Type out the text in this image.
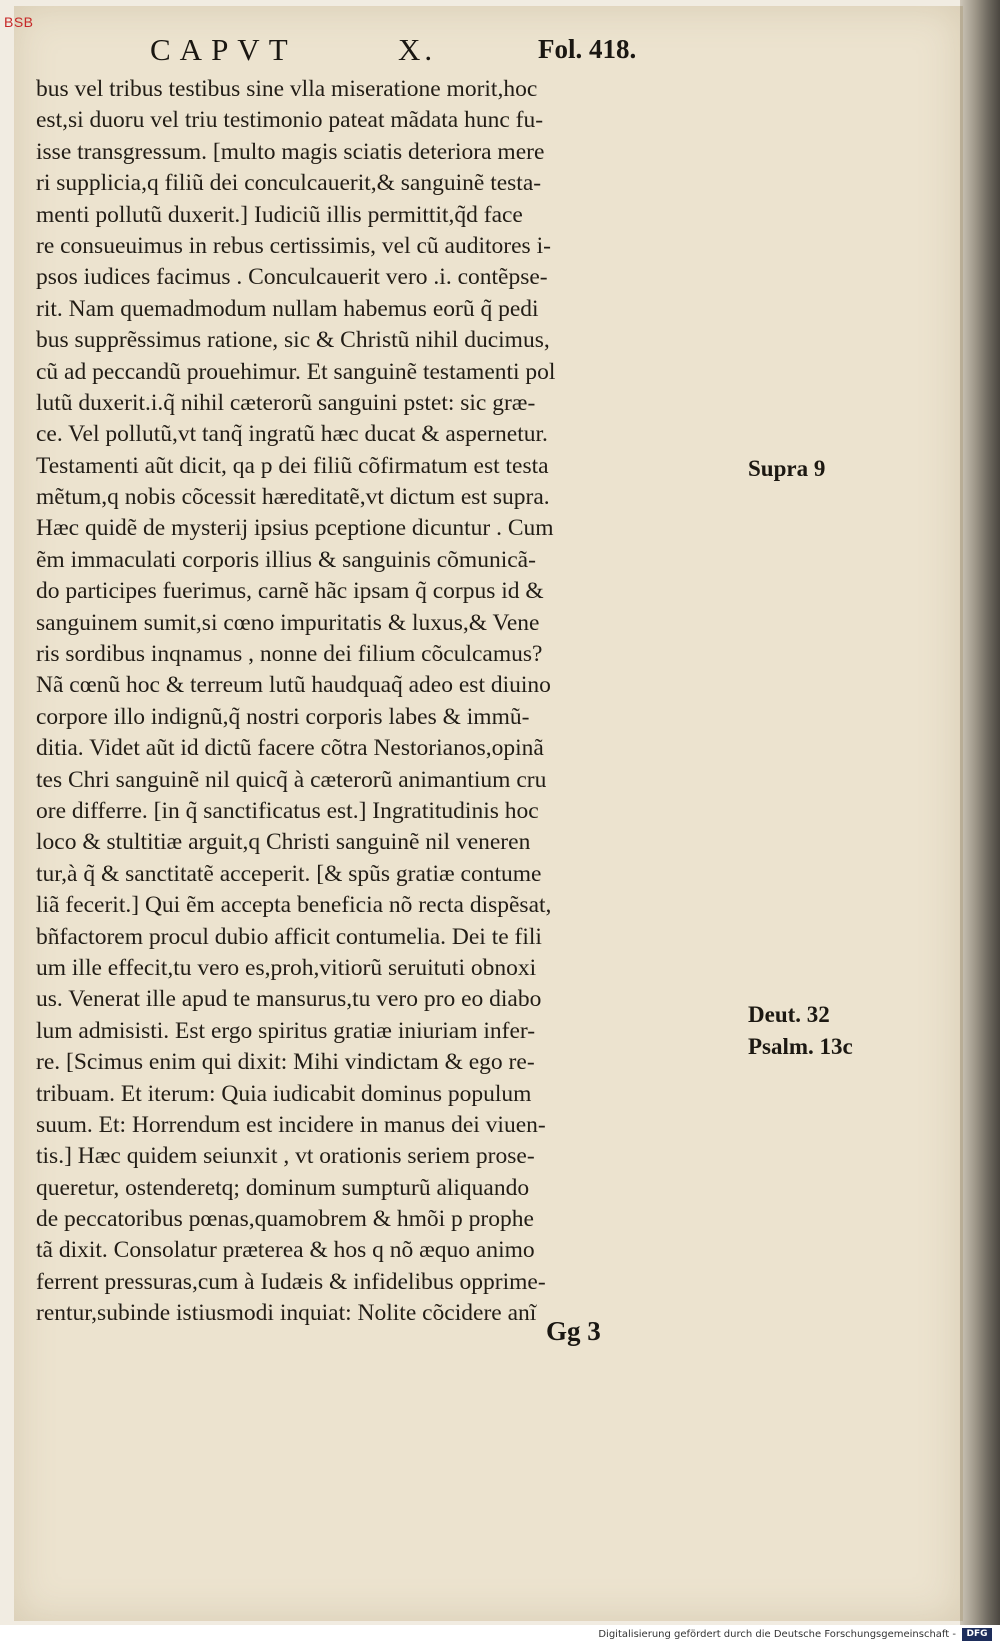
BSB
CAPVT	X.	Fol. 418.
bus vel tribus testibus sine vlla miseratione morit,hoc
est,si duoru vel triu testimonio pateat mãdata hunc fu-
isse transgressum. [multo magis sciatis deteriora mere
ri supplicia,q filiũ dei conculcauerit,& sanguinẽ testa-
menti pollutũ duxerit.] Iudiciũ illis permittit,q̃d face
re consueuimus in rebus certissimis, vel cũ auditores i-
psos iudices facimus . Conculcauerit vero .i. contẽpse-
rit. Nam quemadmodum nullam habemus eorũ q̃ pedi
bus supprẽssimus ratione, sic & Christũ nihil ducimus,
cũ ad peccandũ prouehimur. Et sanguinẽ testamenti pol
lutũ duxerit.i.q̃ nihil cæterorũ sanguini pstet: sic græ-
ce. Vel pollutũ,vt tanq̃ ingratũ hæc ducat & aspernetur.
Testamenti aũt dicit, qa p dei filiũ cõfirmatum est testa
mẽtum,q nobis cõcessit hæreditatẽ,vt dictum est supra.
Hæc quidẽ de mysterij ipsius pceptione dicuntur . Cum
ẽm immaculati corporis illius & sanguinis cõmunicã-
do participes fuerimus, carnẽ hãc ipsam q̃ corpus id &
sanguinem sumit,si cœno impuritatis & luxus,& Vene
ris sordibus inqnamus , nonne dei filium cõculcamus?
Nã cœnũ hoc & terreum lutũ haudquaq̃ adeo est diuino
corpore illo indignũ,q̃ nostri corporis labes & immũ-
ditia. Videt aũt id dictũ facere cõtra Nestorianos,opinã
tes Chri sanguinẽ nil quicq̃ à cæterorũ animantium cru
ore differre. [in q̃ sanctificatus est.] Ingratitudinis hoc
loco & stultitiæ arguit,q Christi sanguinẽ nil veneren
tur,à q̃ & sanctitatẽ acceperit. [& spũs gratiæ contume
liã fecerit.] Qui ẽm accepta beneficia nõ recta dispẽsat,
bñfactorem procul dubio afficit contumelia. Dei te fili
um ille effecit,tu vero es,proh,vitiorũ seruituti obnoxi
us. Venerat ille apud te mansurus,tu vero pro eo diabo
lum admisisti. Est ergo spiritus gratiæ iniuriam infer-
re. [Scimus enim qui dixit: Mihi vindictam & ego re-
tribuam. Et iterum: Quia iudicabit dominus populum
suum. Et: Horrendum est incidere in manus dei viuen-
tis.] Hæc quidem seiunxit , vt orationis seriem prose-
queretur, ostenderetq; dominum sumpturũ aliquando
de peccatoribus pœnas,quamobrem & hmõi p prophe
tã dixit. Consolatur præterea & hos q nõ æquo animo
ferrent pressuras,cum à Iudæis & infidelibus opprime-
rentur,subinde istiusmodi inquiat: Nolite cõcidere anĩ
Supra 9
Deut. 32
Psalm. 13c
Gg 3
Digitalisierung gefördert durch die Deutsche Forschungsgemeinschaft -	DFG
